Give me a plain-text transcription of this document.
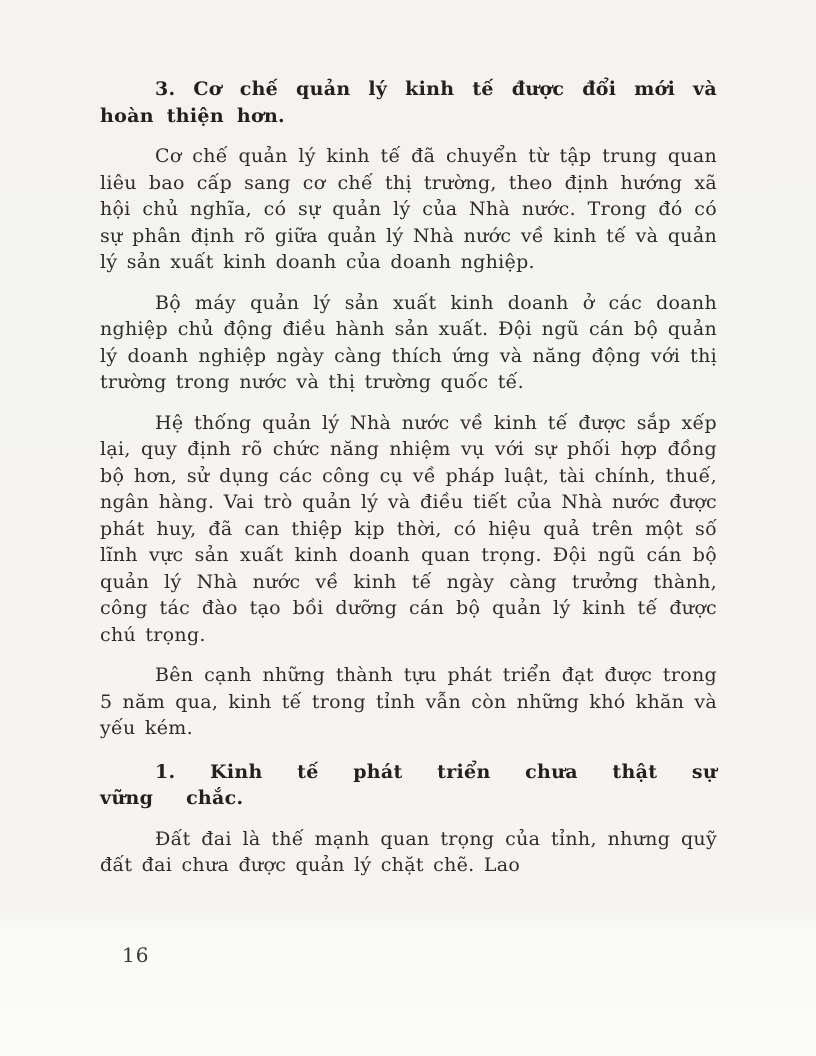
3. Cơ chế quản lý kinh tế được đổi mới và hoàn thiện hơn.

Cơ chế quản lý kinh tế đã chuyển từ tập trung quan liêu bao cấp sang cơ chế thị trường, theo định hướng xã hội chủ nghĩa, có sự quản lý của Nhà nước. Trong đó có sự phân định rõ giữa quản lý Nhà nước về kinh tế và quản lý sản xuất kinh doanh của doanh nghiệp.

Bộ máy quản lý sản xuất kinh doanh ở các doanh nghiệp chủ động điều hành sản xuất. Đội ngũ cán bộ quản lý doanh nghiệp ngày càng thích ứng và năng động với thị trường trong nước và thị trường quốc tế.

Hệ thống quản lý Nhà nước về kinh tế được sắp xếp lại, quy định rõ chức năng nhiệm vụ với sự phối hợp đồng bộ hơn, sử dụng các công cụ về pháp luật, tài chính, thuế, ngân hàng. Vai trò quản lý và điều tiết của Nhà nước được phát huy, đã can thiệp kịp thời, có hiệu quả trên một số lĩnh vực sản xuất kinh doanh quan trọng. Đội ngũ cán bộ quản lý Nhà nước về kinh tế ngày càng trưởng thành, công tác đào tạo bồi dưỡng cán bộ quản lý kinh tế được chú trọng.

Bên cạnh những thành tựu phát triển đạt được trong 5 năm qua, kinh tế trong tỉnh vẫn còn những khó khăn và yếu kém.

1. Kinh tế phát triển chưa thật sự vững chắc.

Đất đai là thế mạnh quan trọng của tỉnh, nhưng quỹ đất đai chưa được quản lý chặt chẽ. Lao

16
